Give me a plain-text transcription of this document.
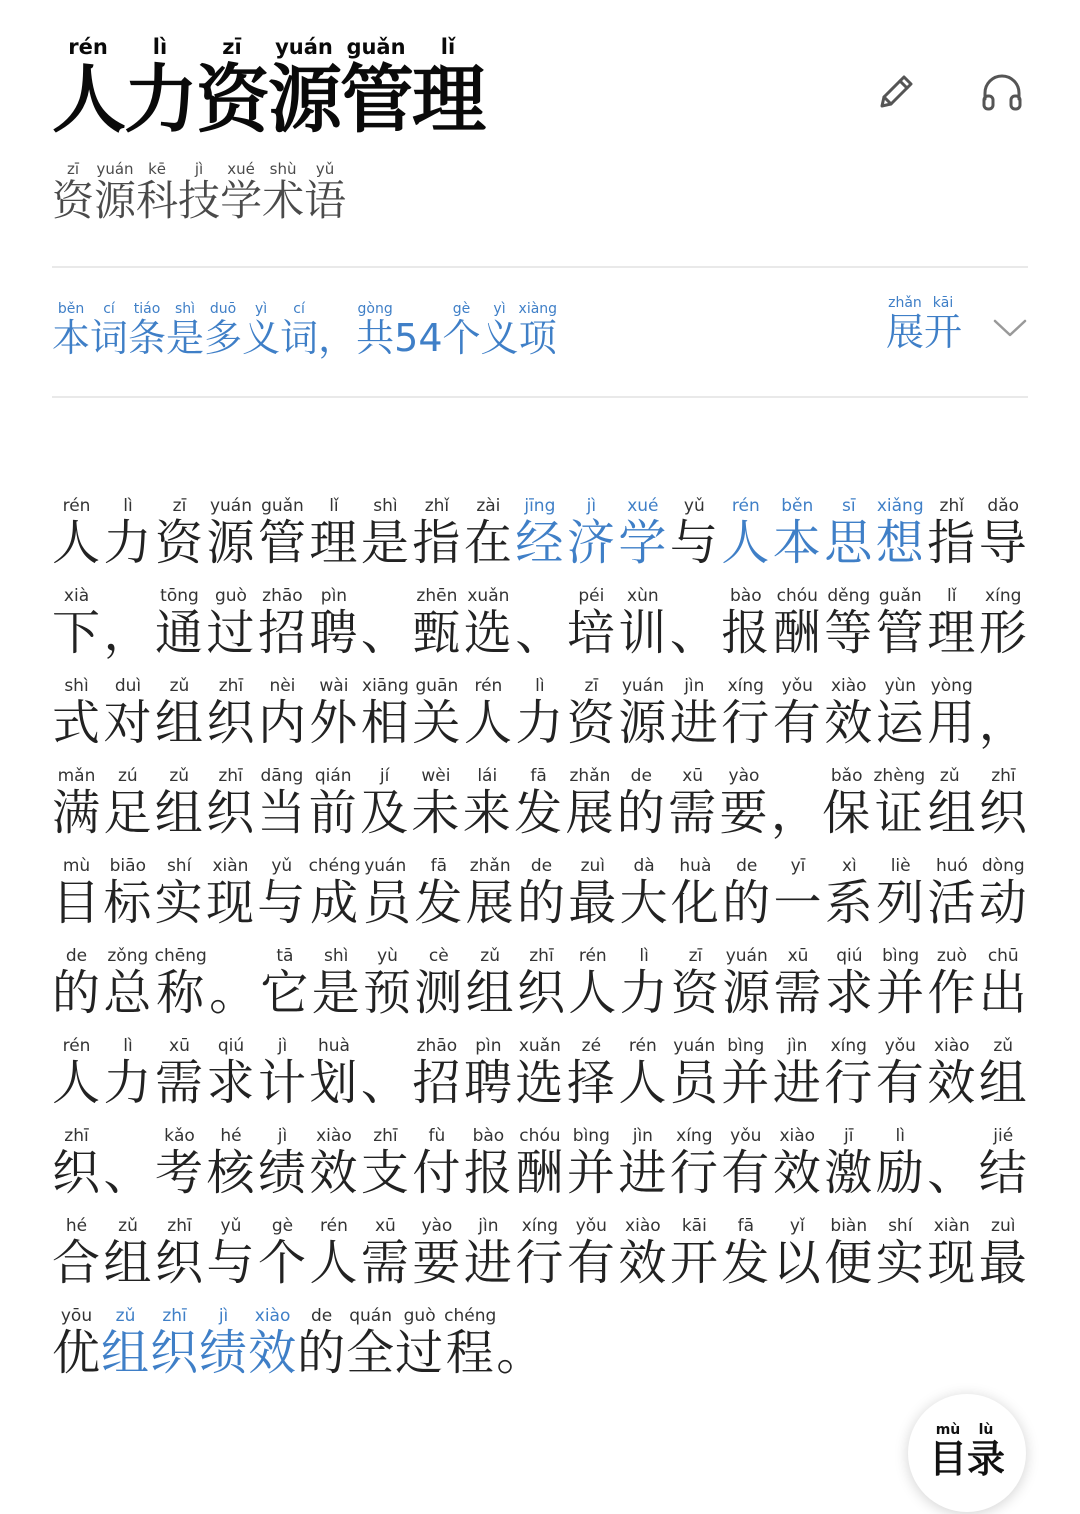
人rén力lì资zī源yuán管guǎn理lǐ
资zī源yuán科kē技jì学xué术shù语yǔ
本běn词cí条tiáo是shì多duō义yì词cí，共gòng54个gè义yì项xiàng
展zhǎn开kāi
人rén力lì资zī源yuán管guǎn理lǐ是shì指zhǐ在zài经jīng济jì学xué与yǔ人rén本běn思sī想xiǎng指zhǐ导dǎo下xià，通tōng过guò招zhāo聘pìn、甄zhēn选xuǎn、培péi训xùn、报bào酬chóu等děng管guǎn理lǐ形xíng式shì对duì组zǔ织zhī内nèi外wài相xiāng关guān人rén力lì资zī源yuán进jìn行xíng有yǒu效xiào运yùn用yòng，满mǎn足zú组zǔ织zhī当dāng前qián及jí未wèi来lái发fā展zhǎn的de需xū要yào，保bǎo证zhèng组zǔ织zhī目mù标biāo实shí现xiàn与yǔ成chéng员yuán发fā展zhǎn的de最zuì大dà化huà的de一yī系xì列liè活huó动dòng的de总zǒng称chēng。它tā是shì预yù测cè组zǔ织zhī人rén力lì资zī源yuán需xū求qiú并bìng作zuò出chū人rén力lì需xū求qiú计jì划huà、招zhāo聘pìn选xuǎn择zé人rén员yuán并bìng进jìn行xíng有yǒu效xiào组zǔ织zhī、考kǎo核hé绩jì效xiào支zhī付fù报bào酬chóu并bìng进jìn行xíng有yǒu效xiào激jī励lì、结jié合hé组zǔ织zhī与yǔ个gè人rén需xū要yào进jìn行xíng有yǒu效xiào开kāi发fā以yǐ便biàn实shí现xiàn最zuì优yōu组zǔ织zhī绩jì效xiào的de全quán过guò程chéng。
目mù
录lù
